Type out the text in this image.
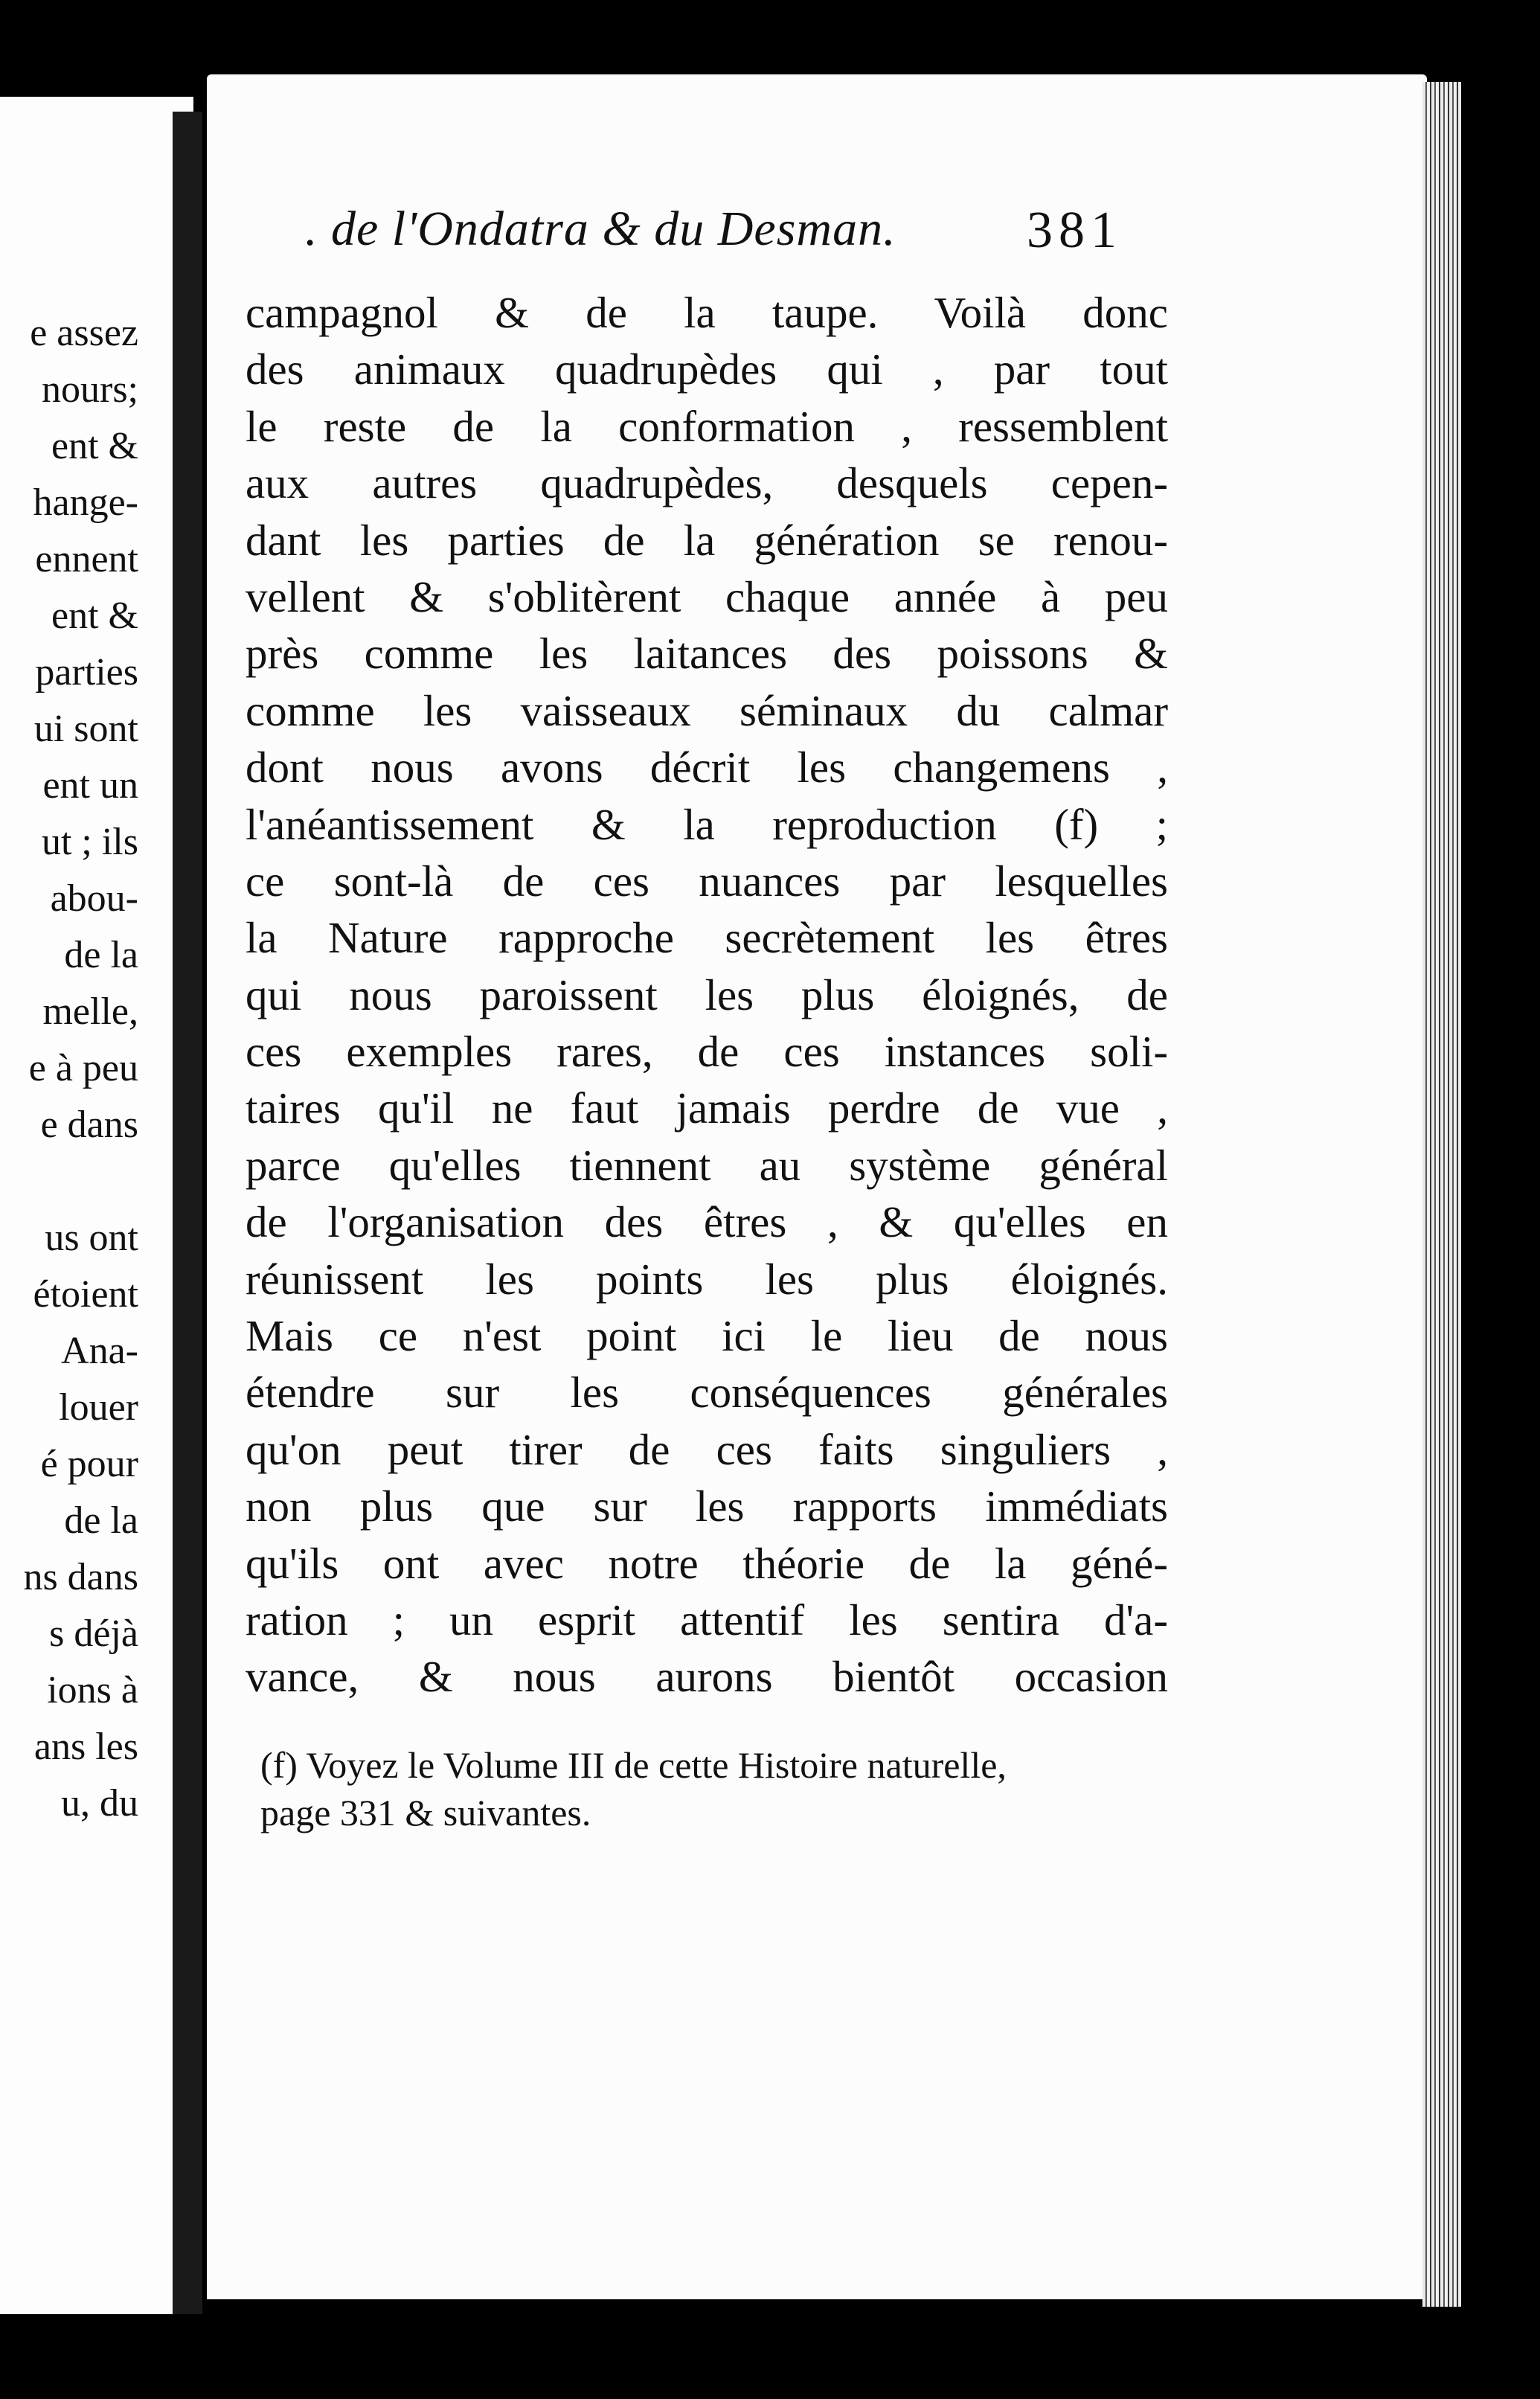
e assez
nours;
ent &
hange-
ennent
ent &
parties
ui sont
ent un
ut ; ils
abou-
de la
melle,
e à peu
e dans

us ont
étoient
Ana-
louer
é pour
de la
ns dans
s déjà
ions à
ans les
u, du
. de l'Ondatra & du Desman.	381
campagnol & de la taupe. Voilà donc
des animaux quadrupèdes qui , par tout
le reste de la conformation , ressemblent
aux autres quadrupèdes, desquels cepen-
dant les parties de la génération se renou-
vellent & s'oblitèrent chaque année à peu
près comme les laitances des poissons &
comme les vaisseaux séminaux du calmar
dont nous avons décrit les changemens ,
l'anéantissement & la reproduction (f) ;
ce sont-là de ces nuances par lesquelles
la Nature rapproche secrètement les êtres
qui nous paroissent les plus éloignés, de
ces exemples rares, de ces instances soli-
taires qu'il ne faut jamais perdre de vue ,
parce qu'elles tiennent au système général
de l'organisation des êtres , & qu'elles en
réunissent les points les plus éloignés.
Mais ce n'est point ici le lieu de nous
étendre sur les conséquences générales
qu'on peut tirer de ces faits singuliers ,
non plus que sur les rapports immédiats
qu'ils ont avec notre théorie de la géné-
ration ; un esprit attentif les sentira d'a-
vance, & nous aurons bientôt occasion
(f) Voyez le Volume III de cette Histoire naturelle,
page 331 & suivantes.
